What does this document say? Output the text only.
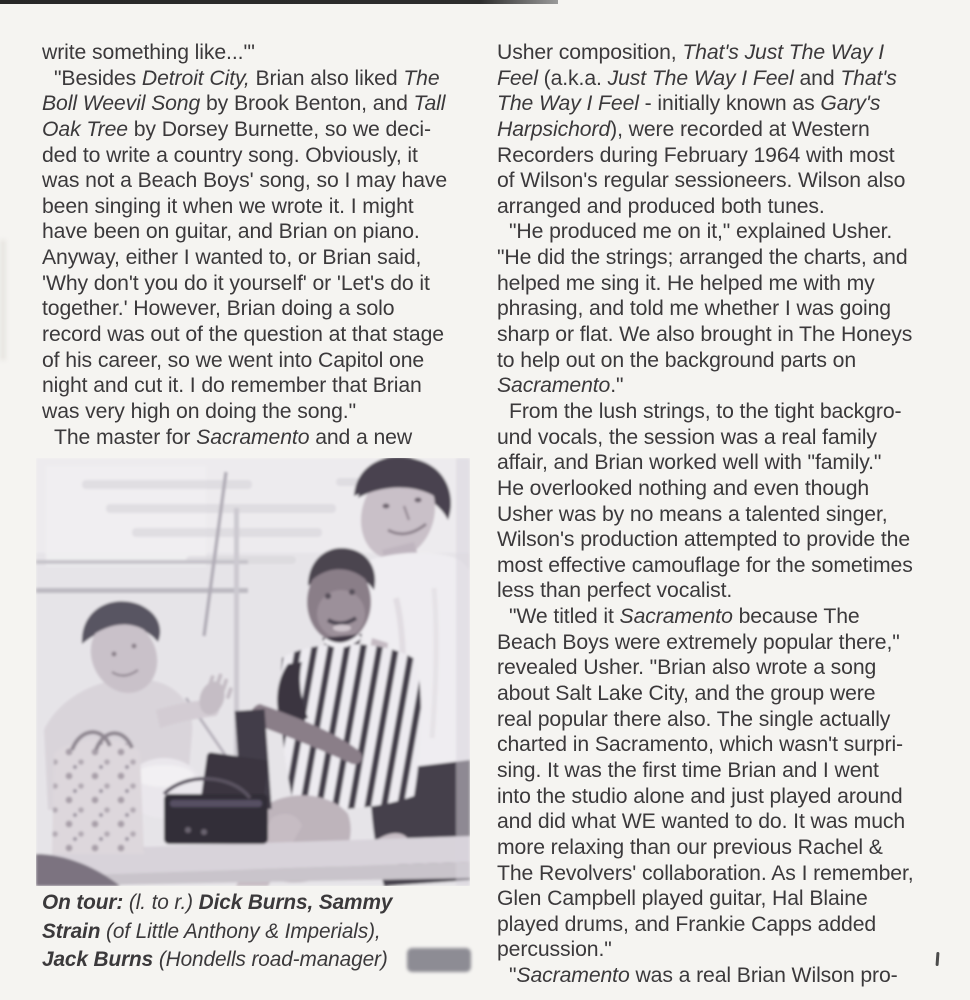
write something like...'"
"Besides Detroit City, Brian also liked The
Boll Weevil Song by Brook Benton, and Tall
Oak Tree by Dorsey Burnette, so we deci-
ded to write a country song. Obviously, it
was not a Beach Boys' song, so I may have
been singing it when we wrote it. I might
have been on guitar, and Brian on piano.
Anyway, either I wanted to, or Brian said,
'Why don't you do it yourself' or 'Let's do it
together.' However, Brian doing a solo
record was out of the question at that stage
of his career, so we went into Capitol one
night and cut it. I do remember that Brian
was very high on doing the song."
The master for Sacramento and a new
Usher composition, That's Just The Way I
Feel (a.k.a. Just The Way I Feel and That's
The Way I Feel - initially known as Gary's
Harpsichord), were recorded at Western
Recorders during February 1964 with most
of Wilson's regular sessioneers. Wilson also
arranged and produced both tunes.
"He produced me on it," explained Usher.
"He did the strings; arranged the charts, and
helped me sing it. He helped me with my
phrasing, and told me whether I was going
sharp or flat. We also brought in The Honeys
to help out on the background parts on
Sacramento."
From the lush strings, to the tight backgro-
und vocals, the session was a real family
affair, and Brian worked well with "family."
He overlooked nothing and even though
Usher was by no means a talented singer,
Wilson's production attempted to provide the
most effective camouflage for the sometimes
less than perfect vocalist.
"We titled it Sacramento because The
Beach Boys were extremely popular there,"
revealed Usher. "Brian also wrote a song
about Salt Lake City, and the group were
real popular there also. The single actually
charted in Sacramento, which wasn't surpri-
sing. It was the first time Brian and I went
into the studio alone and just played around
and did what WE wanted to do. It was much
more relaxing than our previous Rachel &
The Revolvers' collaboration. As I remember,
Glen Campbell played guitar, Hal Blaine
played drums, and Frankie Capps added
percussion."
"Sacramento was a real Brian Wilson pro-
On tour: (l. to r.) Dick Burns, Sammy
Strain (of Little Anthony & Imperials),
Jack Burns (Hondells road-manager)
